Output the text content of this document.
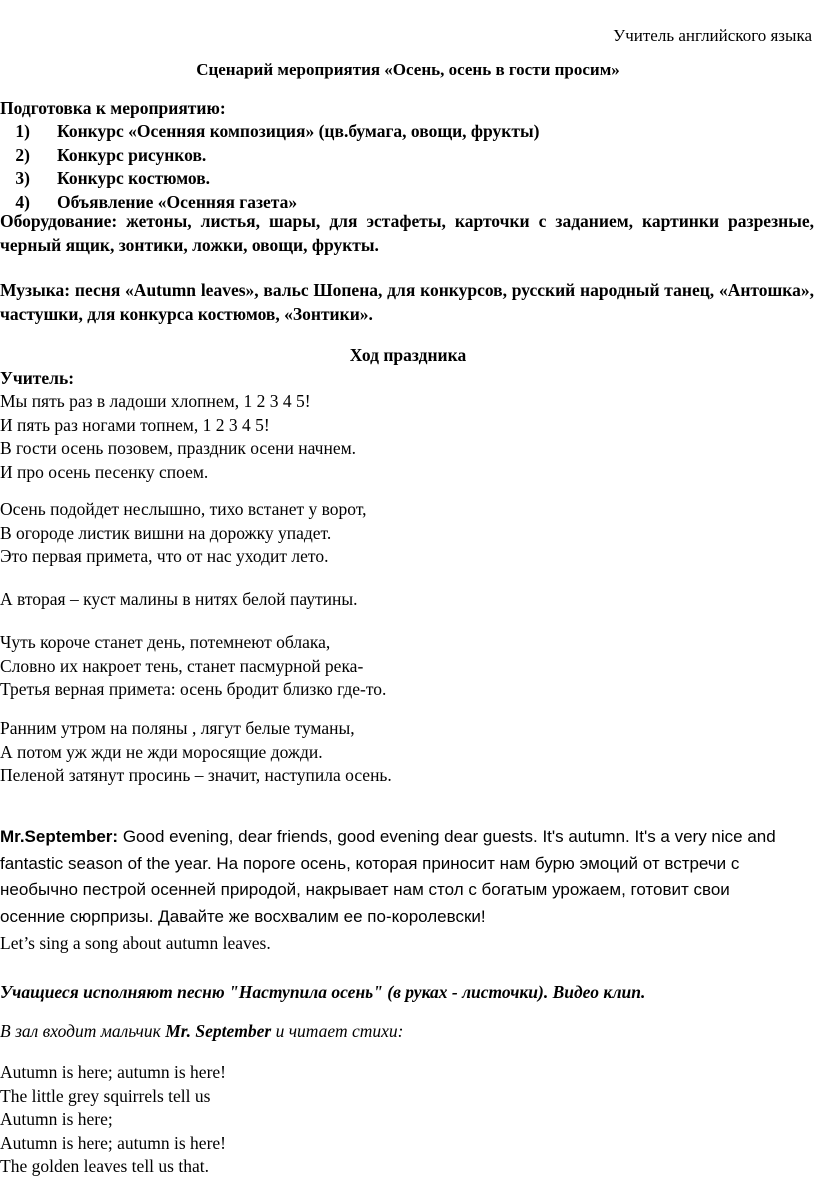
Учитель английского языка
Сценарий мероприятия «Осень, осень в гости просим»
Подготовка к мероприятию:
1) Конкурс «Осенняя композиция» (цв.бумага, овощи, фрукты)
2) Конкурс рисунков.
3) Конкурс костюмов.
4) Объявление «Осенняя газета»
Оборудование: жетоны, листья, шары, для эстафеты, карточки с заданием, картинки разрезные, черный ящик, зонтики, ложки, овощи, фрукты.
Музыка: песня «Autumn leaves», вальс Шопена, для конкурсов, русский народный танец, «Антошка», частушки, для конкурса костюмов, «Зонтики».
Ход праздника
Учитель:
Мы пять раз в ладоши хлопнем, 1 2 3 4 5!
И пять раз ногами топнем, 1 2 3 4 5!
В гости осень позовем, праздник осени начнем.
И про осень песенку споем.
Осень подойдет неслышно, тихо встанет у ворот,
В огороде листик вишни на дорожку упадет.
Это первая примета, что от нас уходит лето.
А вторая – куст малины в нитях белой паутины.
Чуть короче станет день, потемнеют облака,
Словно их накроет тень, станет пасмурной река-
Третья верная примета: осень бродит близко где-то.
Ранним утром на поляны , лягут белые туманы,
А потом уж жди не жди моросящие дожди.
Пеленой затянут просинь – значит, наступила осень.
Mr.September: Good evening, dear friends, good evening dear guests. It's autumn. It's a very nice and
fantastic season of the year. На пороге осень, которая приносит нам бурю эмоций от встречи с
необычно пестрой осенней природой, накрывает нам стол с богатым урожаем, готовит свои
осенние сюрпризы. Давайте же восхвалим ее по-королевски!
Let’s sing a song about autumn leaves.
Учащиеся исполняют песню "Наступила осень" (в руках - листочки). Видео клип.
В зал входит мальчик Mr. September и читает стихи:
Autumn is here; autumn is here!
The little grey squirrels tell us
Autumn is here;
Autumn is here; autumn is here!
The golden leaves tell us that.
